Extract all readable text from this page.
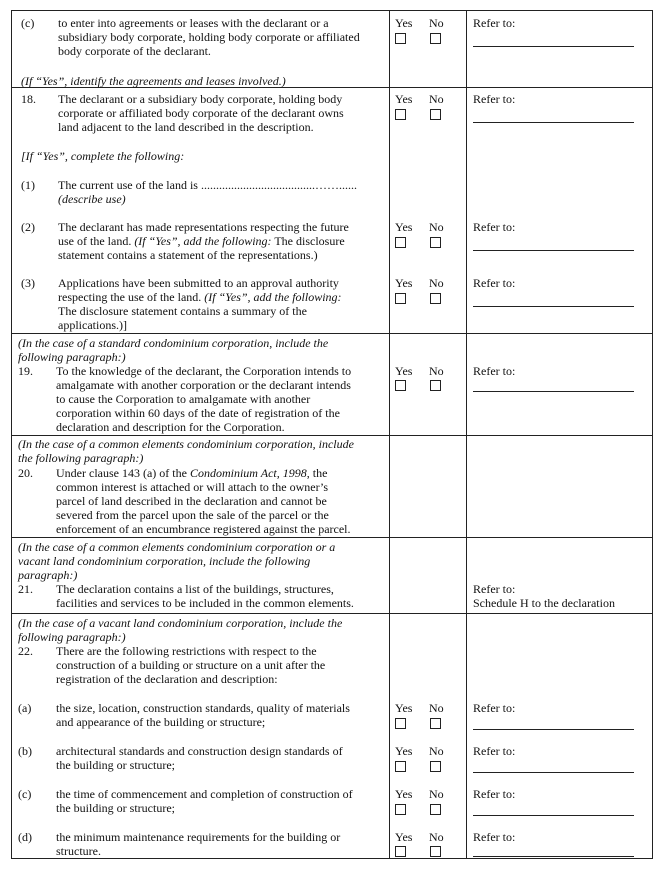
(c) to enter into agreements or leases with the declarant or a
subsidiary body corporate, holding body corporate or affiliated
body corporate of the declarant.
(If “Yes”, identify the agreements and leases involved.)
Yes No Refer to:
18. The declarant or a subsidiary body corporate, holding body
corporate or affiliated body corporate of the declarant owns
land adjacent to the land described in the description.
Yes No Refer to:
[If “Yes”, complete the following:
(1) The current use of the land is ......................................……......
(describe use)
(2) The declarant has made representations respecting the future
use of the land. (If “Yes”, add the following: The disclosure
statement contains a statement of the representations.)
Yes No Refer to:
(3) Applications have been submitted to an approval authority
respecting the use of the land. (If “Yes”, add the following:
The disclosure statement contains a summary of the
applications.)]
Yes No Refer to:
(In the case of a standard condominium corporation, include the
following paragraph:)
19. To the knowledge of the declarant, the Corporation intends to
amalgamate with another corporation or the declarant intends
to cause the Corporation to amalgamate with another
corporation within 60 days of the date of registration of the
declaration and description for the Corporation.
Yes No Refer to:
(In the case of a common elements condominium corporation, include
the following paragraph:)
20. Under clause 143 (a) of the Condominium Act, 1998, the
common interest is attached or will attach to the owner’s
parcel of land described in the declaration and cannot be
severed from the parcel upon the sale of the parcel or the
enforcement of an encumbrance registered against the parcel.
(In the case of a common elements condominium corporation or a
vacant land condominium corporation, include the following
paragraph:)
21. The declaration contains a list of the buildings, structures,
facilities and services to be included in the common elements.
Refer to:
Schedule H to the declaration
(In the case of a vacant land condominium corporation, include the
following paragraph:)
22. There are the following restrictions with respect to the
construction of a building or structure on a unit after the
registration of the declaration and description:
(a) the size, location, construction standards, quality of materials
and appearance of the building or structure;
Yes No Refer to:
(b) architectural standards and construction design standards of
the building or structure;
Yes No Refer to:
(c) the time of commencement and completion of construction of
the building or structure;
Yes No Refer to:
(d) the minimum maintenance requirements for the building or
structure.
Yes No Refer to:
